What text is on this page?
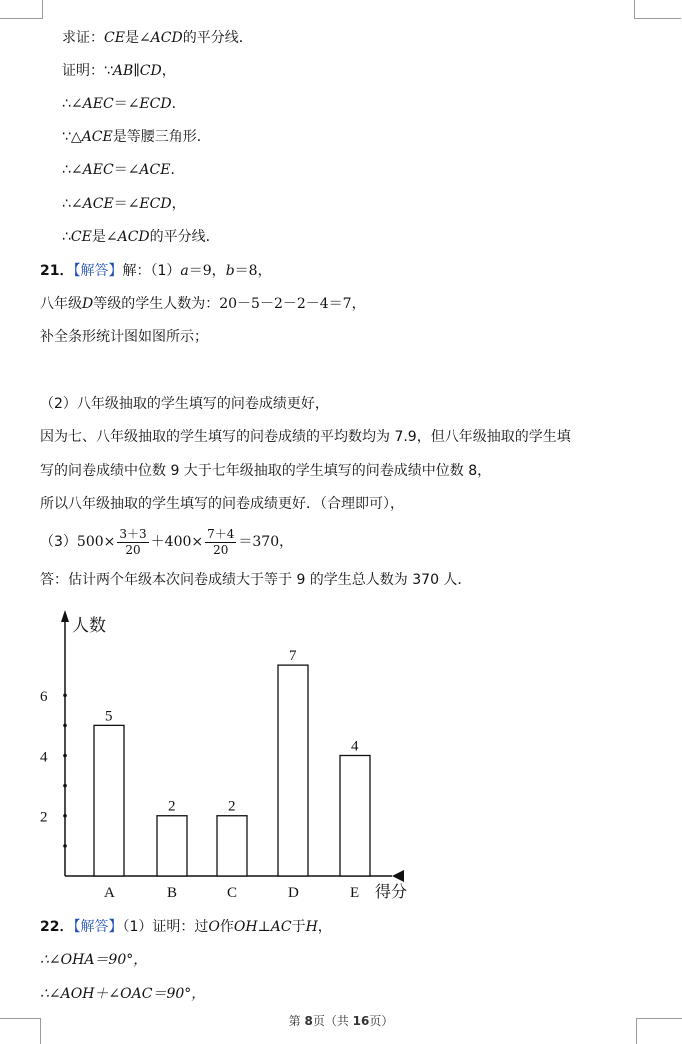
求证：CE是∠ACD的平分线．
证明：∵AB∥CD，
∴∠AEC＝∠ECD．
∵△ACE是等腰三角形．
∴∠AEC＝∠ACE．
∴∠ACE＝∠ECD，
∴CE是∠ACD的平分线．
21．【解答】解：（1）a＝9，b＝8，
八年级D等级的学生人数为：20－5－2－2－4＝7，
补全条形统计图如图所示；
（2）八年级抽取的学生填写的问卷成绩更好，
因为七、八年级抽取的学生填写的问卷成绩的平均数均为 7.9，但八年级抽取的学生填
写的问卷成绩中位数 9 大于七年级抽取的学生填写的问卷成绩中位数 8，
所以八年级抽取的学生填写的问卷成绩更好．（合理即可），
$(3)500\times \frac{3+3}{20} +400\times \frac{7+4}{20} =370$，
答：估计两个年级本次问卷成绩大于等于 9 的学生总人数为 370 人．
人数
得分
2
4
6
5
A
2
B
2
C
7
D
4
E
22．【解答】（1）证明：过O作OH⊥AC于H，
∴∠OHA＝90°，
∴∠AOH＋∠OAC＝90°，
第 8页（共 16页）
